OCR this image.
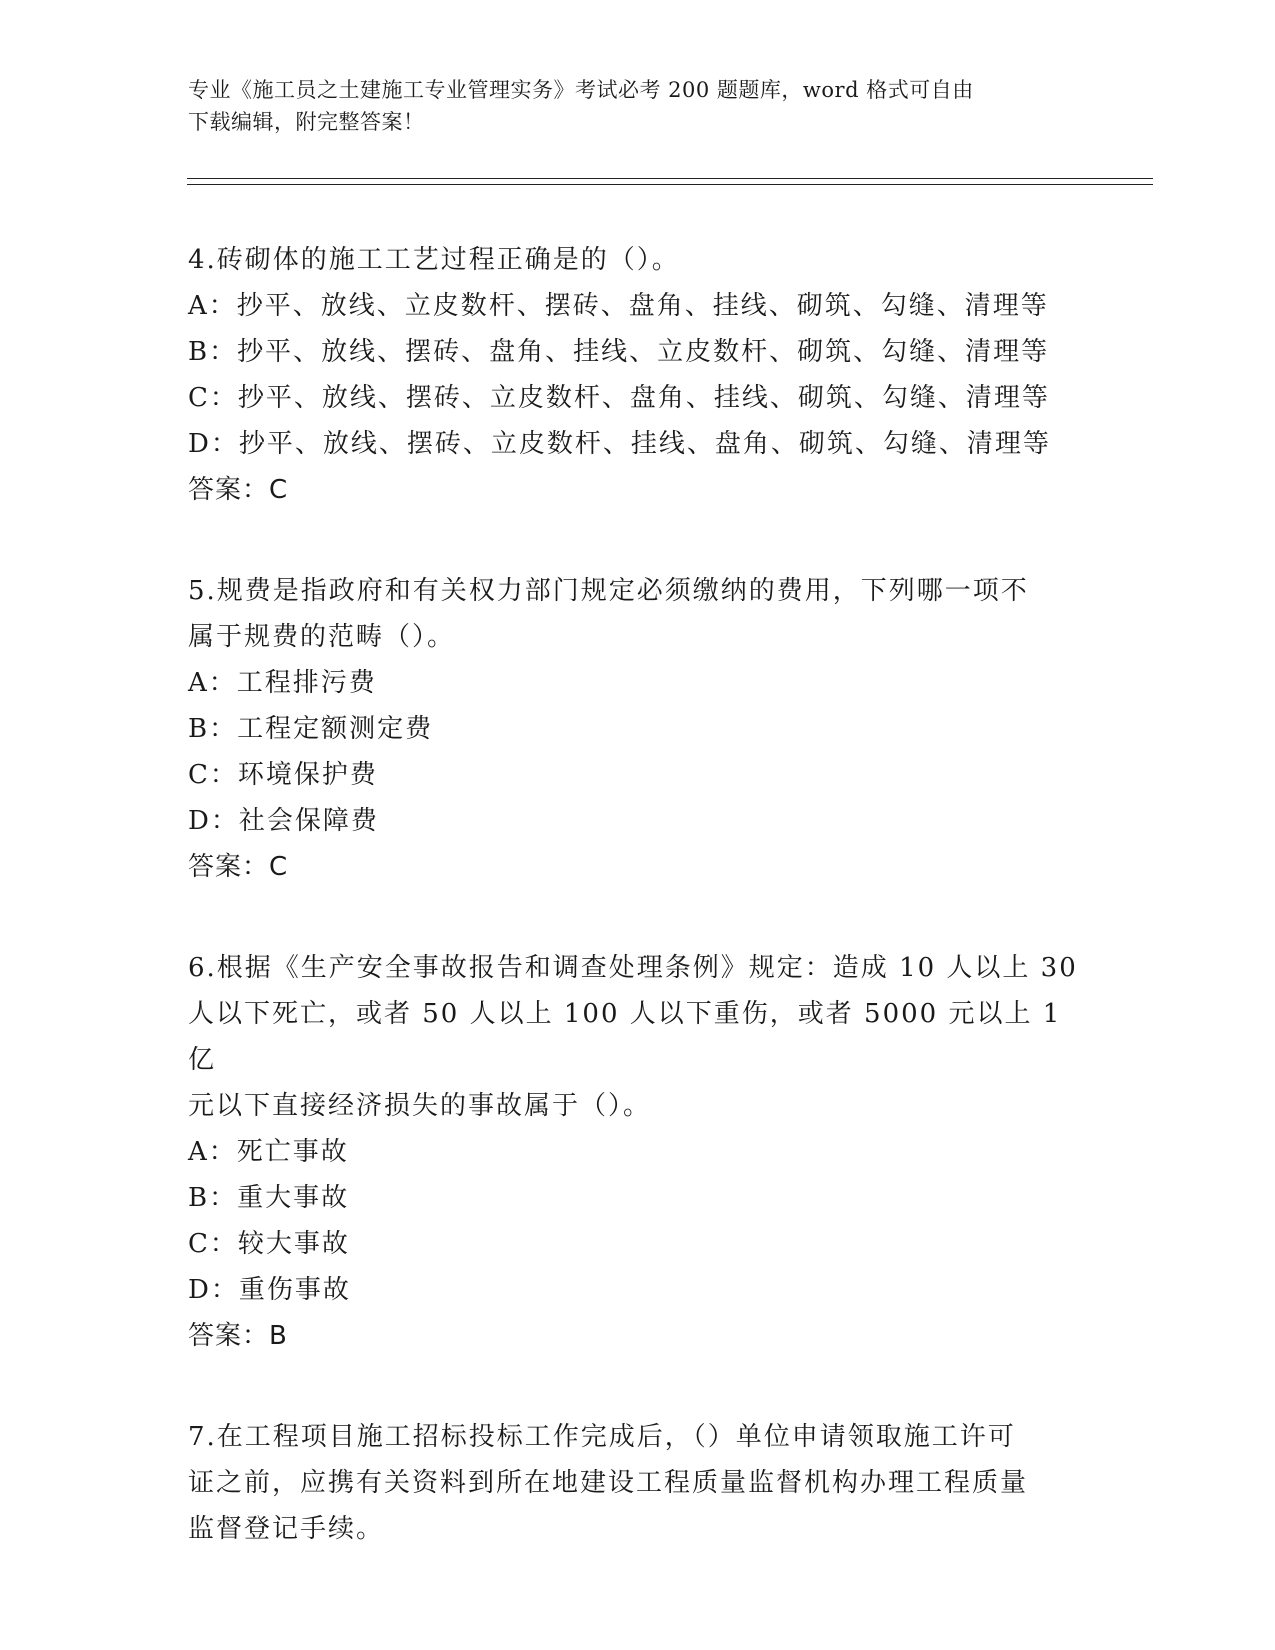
专业《施工员之土建施工专业管理实务》考试必考 200 题题库，word 格式可自由
下载编辑，附完整答案！

4.砖砌体的施工工艺过程正确是的（）。

A：抄平、放线、立皮数杆、摆砖、盘角、挂线、砌筑、勾缝、清理等

B：抄平、放线、摆砖、盘角、挂线、立皮数杆、砌筑、勾缝、清理等

C：抄平、放线、摆砖、立皮数杆、盘角、挂线、砌筑、勾缝、清理等

D：抄平、放线、摆砖、立皮数杆、挂线、盘角、砌筑、勾缝、清理等

答案：C

5.规费是指政府和有关权力部门规定必须缴纳的费用，下列哪一项不

属于规费的范畴（）。

A：工程排污费

B：工程定额测定费

C：环境保护费

D：社会保障费

答案：C

6.根据《生产安全事故报告和调查处理条例》规定：造成 10 人以上 30

人以下死亡，或者 50 人以上 100 人以下重伤，或者 5000 元以上 1 亿

元以下直接经济损失的事故属于（）。

A：死亡事故

B：重大事故

C：较大事故

D：重伤事故

答案：B

7.在工程项目施工招标投标工作完成后，（）单位申请领取施工许可

证之前，应携有关资料到所在地建设工程质量监督机构办理工程质量

监督登记手续。
